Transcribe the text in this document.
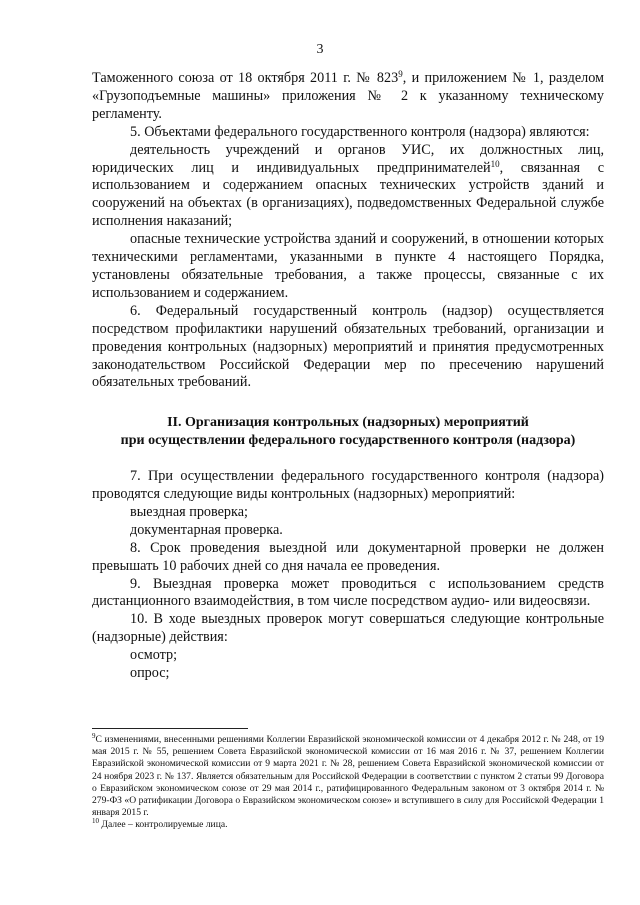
3

Таможенного союза от 18 октября 2011 г. № $823^9$, и приложением № 1, разделом «Грузоподъемные машины» приложения № 2 к указанному техническому регламенту.

5. Объектами федерального государственного контроля (надзора) являются:

деятельность учреждений и органов УИС, их должностных лиц, юридических лиц и индивидуальных предпринимателей$^{10}$, связанная с использованием и содержанием опасных технических устройств зданий и сооружений на объектах (в организациях), подведомственных Федеральной службе исполнения наказаний;

опасные технические устройства зданий и сооружений, в отношении которых техническими регламентами, указанными в пункте 4 настоящего Порядка, установлены обязательные требования, а также процессы, связанные с их использованием и содержанием.

6. Федеральный государственный контроль (надзор) осуществляется посредством профилактики нарушений обязательных требований, организации и проведения контрольных (надзорных) мероприятий и принятия предусмотренных законодательством Российской Федерации мер по пресечению нарушений обязательных требований.

II. Организация контрольных (надзорных) мероприятий
при осуществлении федерального государственного контроля (надзора)

7. При осуществлении федерального государственного контроля (надзора) проводятся следующие виды контрольных (надзорных) мероприятий:

выездная проверка;

документарная проверка.

8. Срок проведения выездной или документарной проверки не должен превышать 10 рабочих дней со дня начала ее проведения.

9. Выездная проверка может проводиться с использованием средств дистанционного взаимодействия, в том числе посредством аудио- или видеосвязи.

10. В ходе выездных проверок могут совершаться следующие контрольные (надзорные) действия:

осмотр;

опрос;

$^9$С изменениями, внесенными решениями Коллегии Евразийской экономической комиссии от 4 декабря 2012 г. № 248, от 19 мая 2015 г. № 55, решением Совета Евразийской экономической комиссии от 16 мая 2016 г. № 37, решением Коллегии Евразийской экономической комиссии от 9 марта 2021 г. № 28, решением Совета Евразийской экономической комиссии от 24 ноября 2023 г. № 137. Является обязательным для Российской Федерации в соответствии с пунктом 2 статьи 99 Договора о Евразийском экономическом союзе от 29 мая 2014 г., ратифицированного Федеральным законом от 3 октября 2014 г. № 279-ФЗ «О ратификации Договора о Евразийском экономическом союзе» и вступившего в силу для Российской Федерации 1 января 2015 г.

$^{10}$ Далее – контролируемые лица.
